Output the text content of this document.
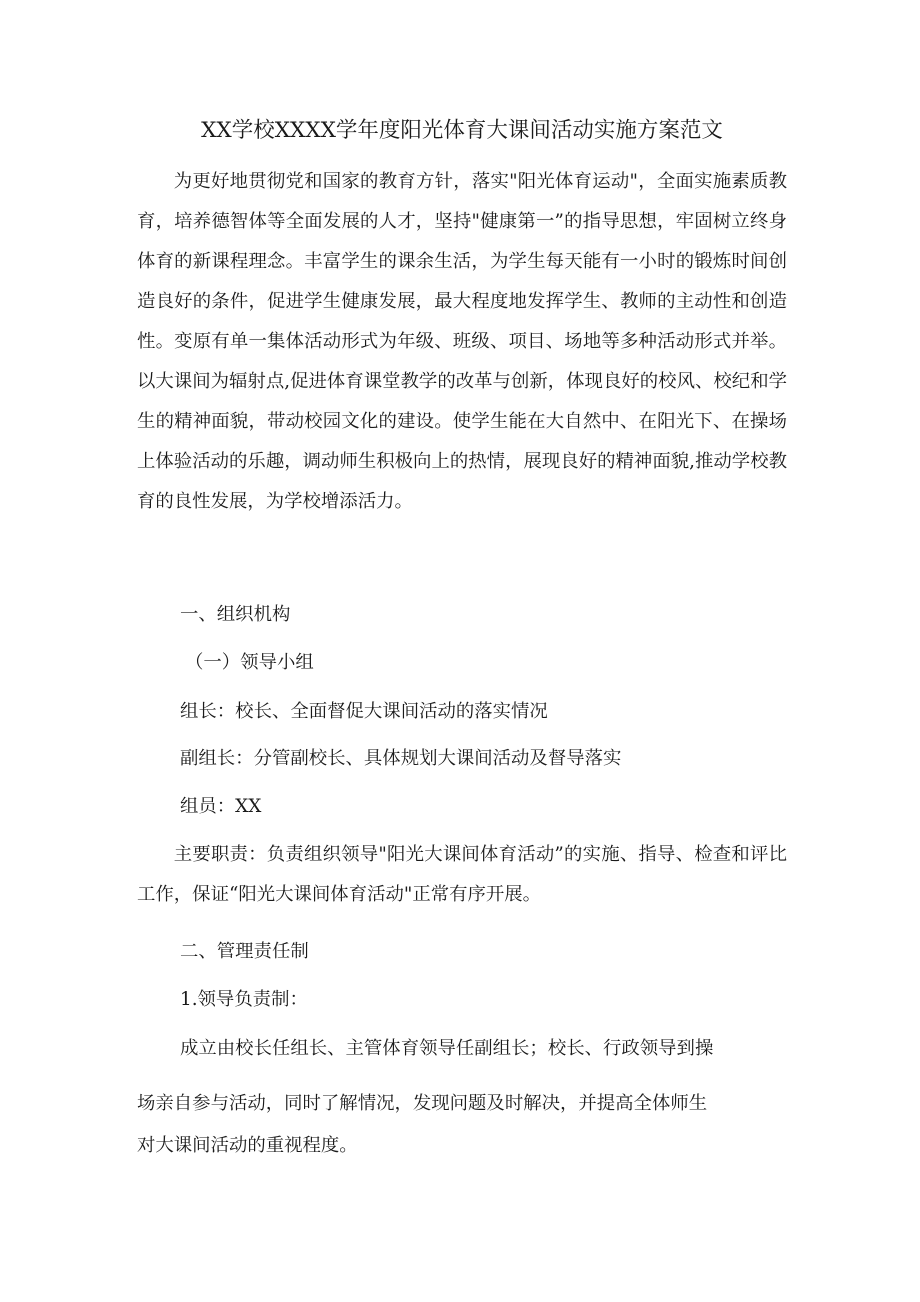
XX学校XXXX学年度阳光体育大课间活动实施方案范文

为更好地贯彻党和国家的教育方针，落实"阳光体育运动"，全面实施素质教育，培养德智体等全面发展的人才，坚持"健康第一”的指导思想，牢固树立终身体育的新课程理念。丰富学生的课余生活，为学生每天能有一小时的锻炼时间创造良好的条件，促进学生健康发展，最大程度地发挥学生、教师的主动性和创造性。变原有单一集体活动形式为年级、班级、项目、场地等多种活动形式并举。以大课间为辐射点,促进体育课堂教学的改革与创新，体现良好的校风、校纪和学生的精神面貌，带动校园文化的建设。使学生能在大自然中、在阳光下、在操场上体验活动的乐趣，调动师生积极向上的热情，展现良好的精神面貌,推动学校教育的良性发展，为学校增添活力。

一、组织机构

（一）领导小组

组长：校长、全面督促大课间活动的落实情况

副组长：分管副校长、具体规划大课间活动及督导落实

组员：XX

主要职责：负责组织领导"阳光大课间体育活动”的实施、指导、检查和评比工作，保证“阳光大课间体育活动"正常有序开展。

二、管理责任制

1.领导负责制：

成立由校长任组长、主管体育领导任副组长；校长、行政领导到操

场亲自参与活动，同时了解情况，发现问题及时解决，并提高全体师生

对大课间活动的重视程度。
